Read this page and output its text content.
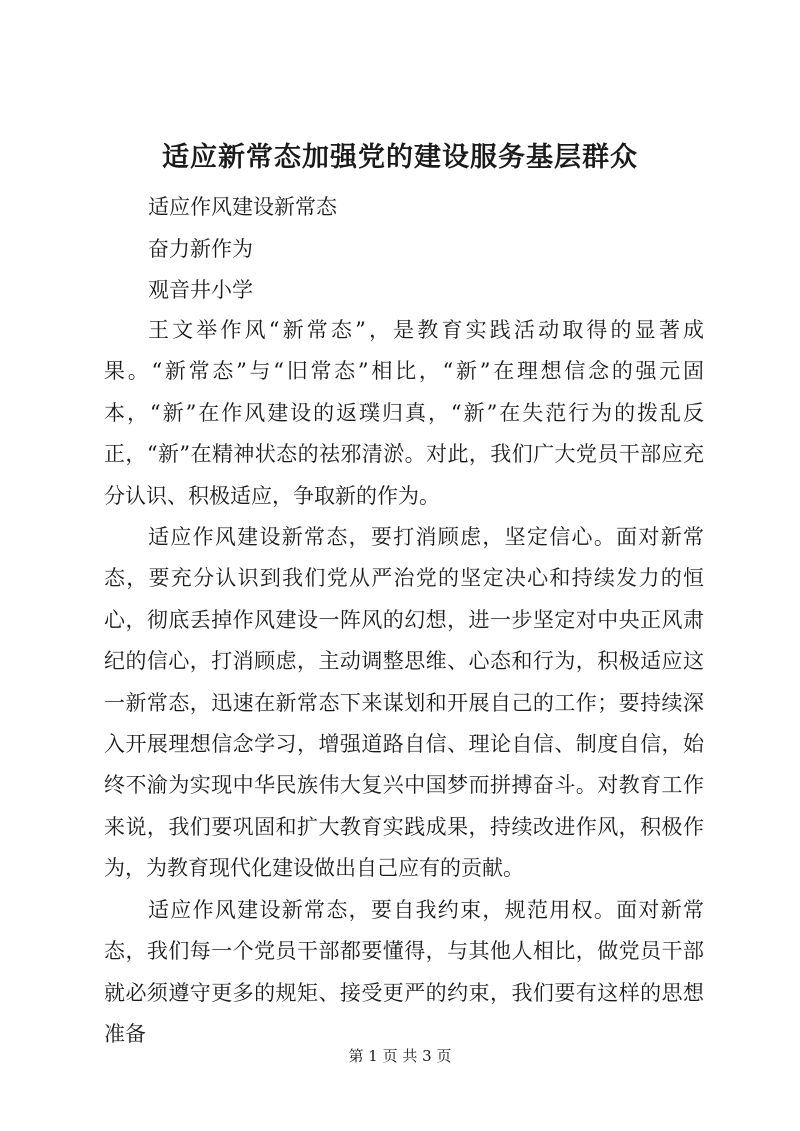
适应新常态加强党的建设服务基层群众
适应作风建设新常态
奋力新作为
观音井小学

王文举作风“新常态”，是教育实践活动取得的显著成果。“新常态”与“旧常态”相比，“新”在理想信念的强元固本，“新”在作风建设的返璞归真，“新”在失范行为的拨乱反正，“新”在精神状态的祛邪清淤。对此，我们广大党员干部应充分认识、积极适应，争取新的作为。

适应作风建设新常态，要打消顾虑，坚定信心。面对新常态，要充分认识到我们党从严治党的坚定决心和持续发力的恒心，彻底丢掉作风建设一阵风的幻想，进一步坚定对中央正风肃纪的信心，打消顾虑，主动调整思维、心态和行为，积极适应这一新常态，迅速在新常态下来谋划和开展自己的工作；要持续深入开展理想信念学习，增强道路自信、理论自信、制度自信，始终不渝为实现中华民族伟大复兴中国梦而拼搏奋斗。对教育工作来说，我们要巩固和扩大教育实践成果，持续改进作风，积极作为，为教育现代化建设做出自己应有的贡献。

适应作风建设新常态，要自我约束，规范用权。面对新常态，我们每一个党员干部都要懂得，与其他人相比，做党员干部就必须遵守更多的规矩、接受更严的约束，我们要有这样的思想准备

第 1 页 共 3 页
